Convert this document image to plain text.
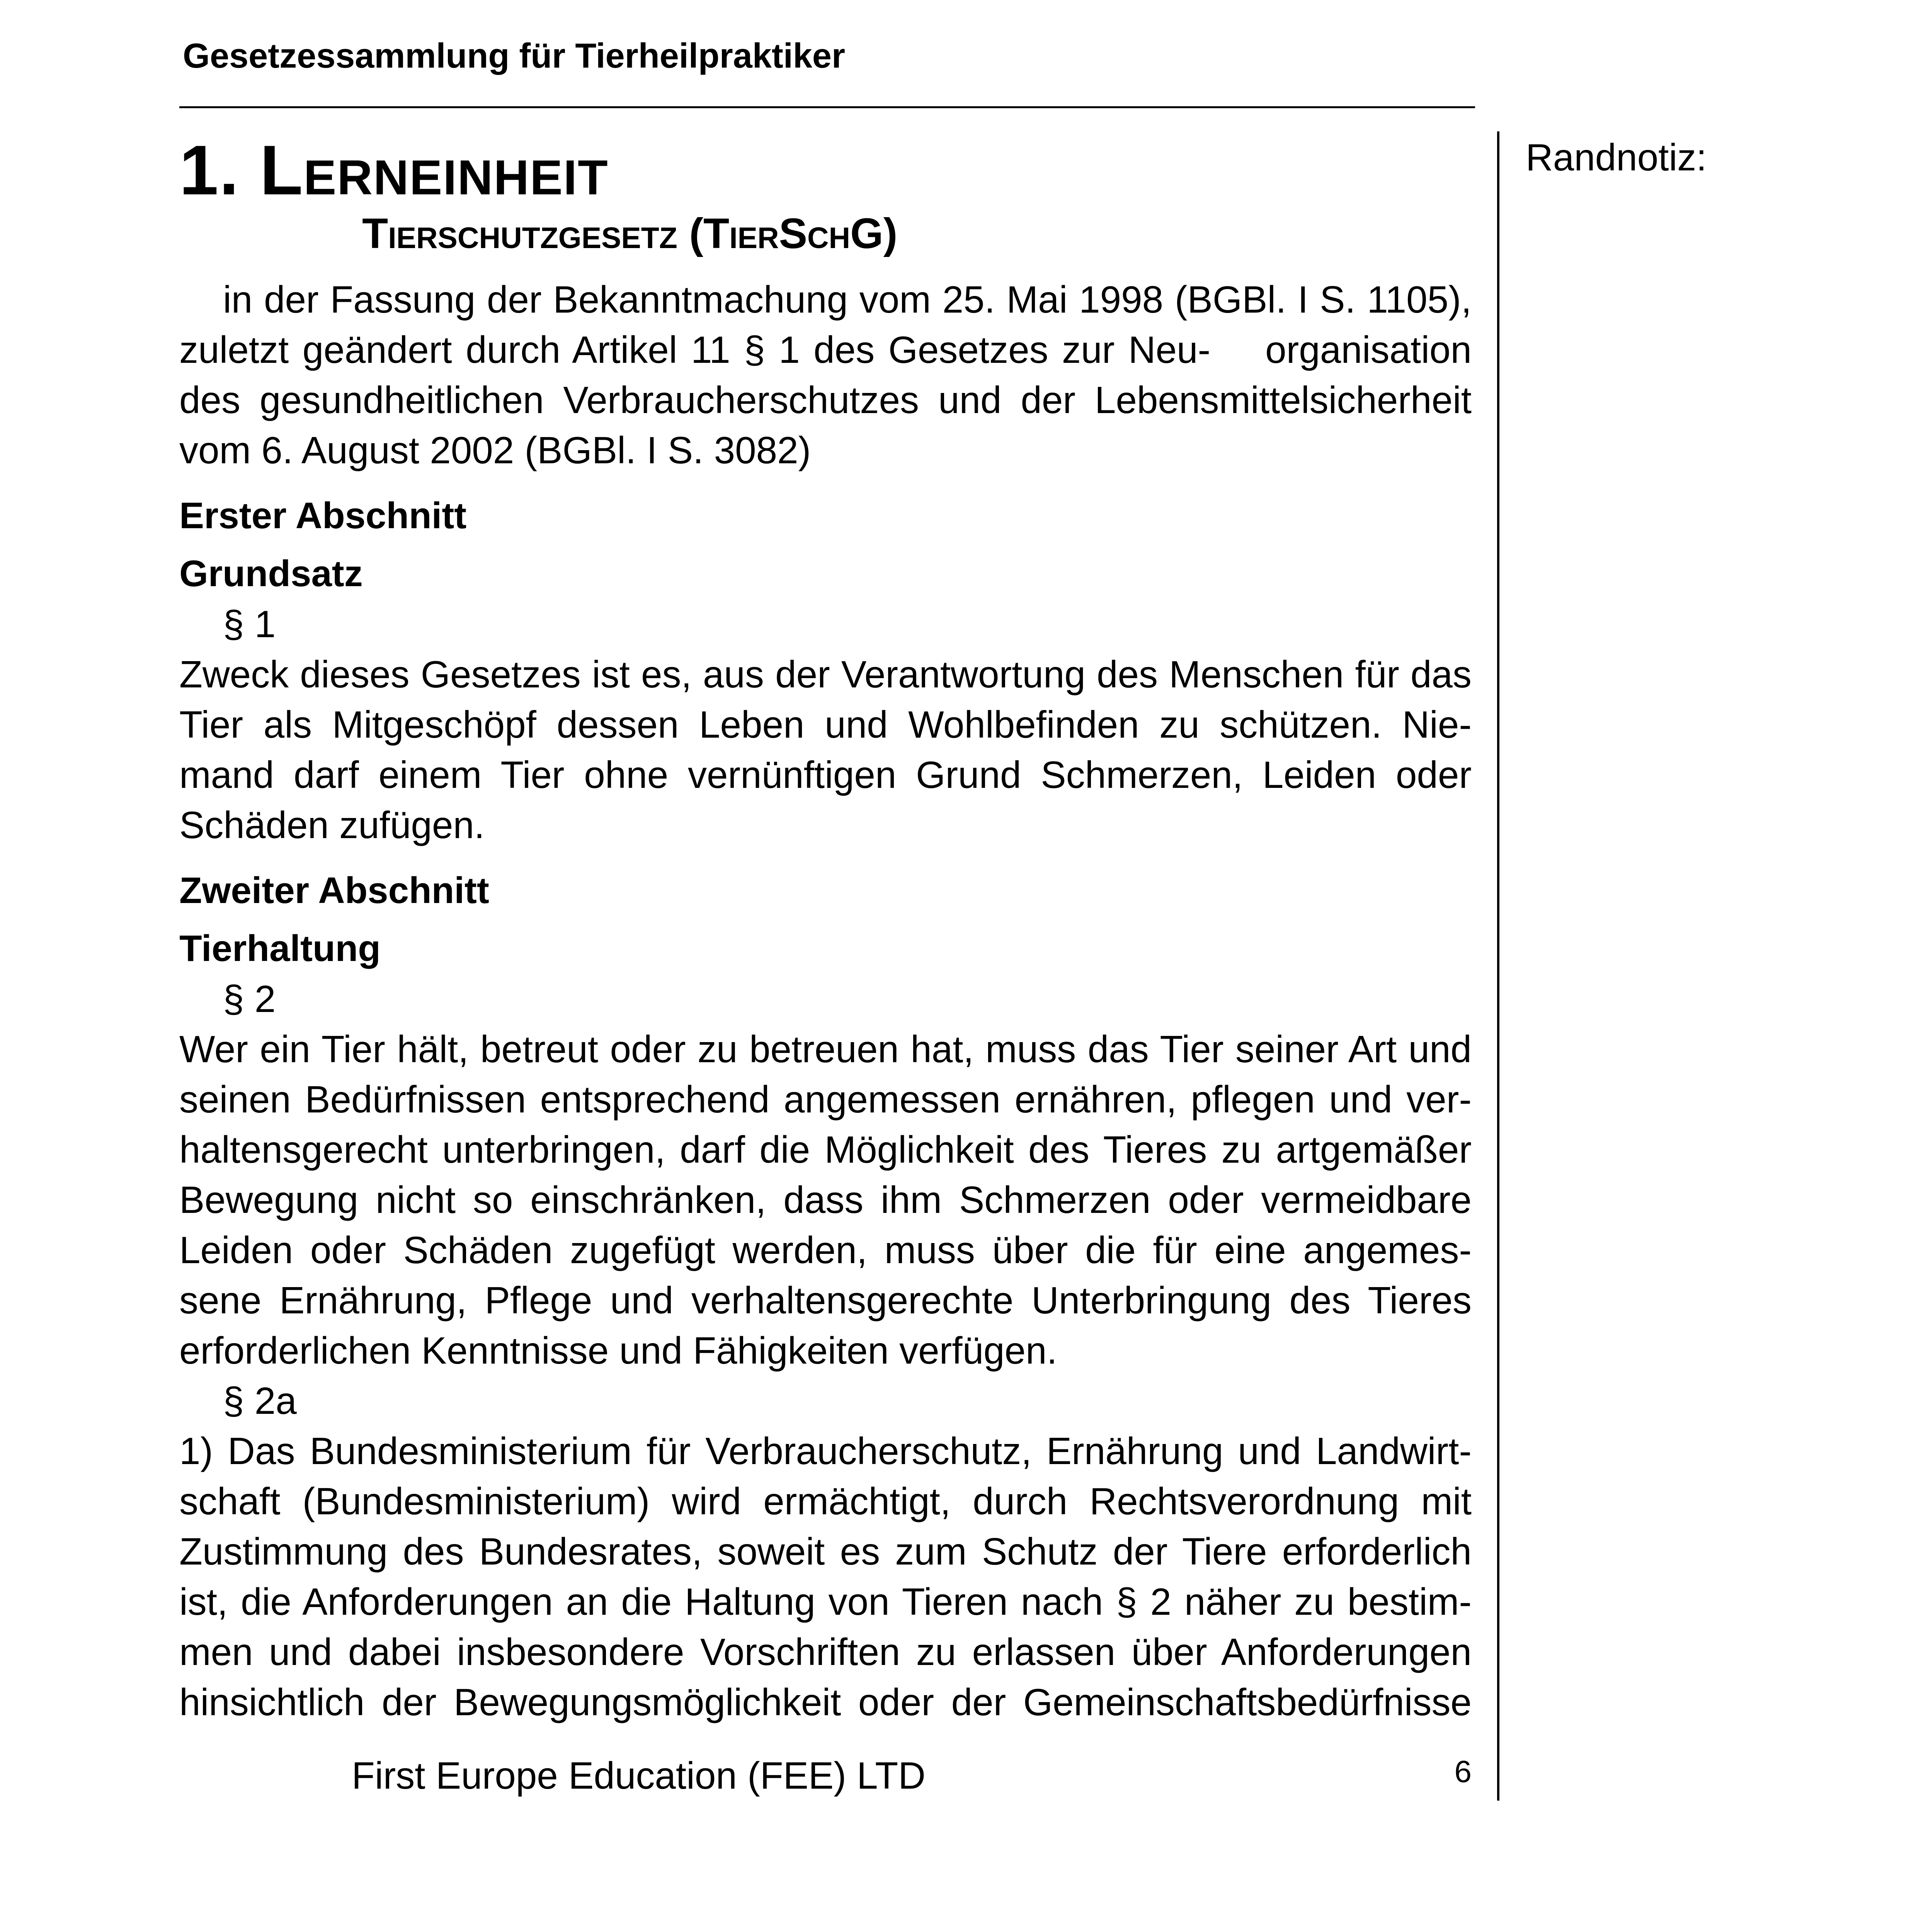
Gesetzessammlung für Tierheilpraktiker
Randnotiz:
1. Lerneinheit
Tierschutzgesetz (TierSchG)
in der Fassung der Bekanntmachung vom 25. Mai 1998 (BGBl. I S. 1105),
zuletzt geändert durch Artikel 11 § 1 des Gesetzes zur Neu-    organisation
des gesundheitlichen Verbraucherschutzes und der Lebensmittelsicherheit
vom 6. August 2002 (BGBl. I S. 3082)
Erster Abschnitt
Grundsatz
§ 1
Zweck dieses Gesetzes ist es, aus der Verantwortung des Menschen für das
Tier als Mitgeschöpf dessen Leben und Wohlbefinden zu schützen. Nie-
mand darf einem Tier ohne vernünftigen Grund Schmerzen, Leiden oder
Schäden zufügen.
Zweiter Abschnitt
Tierhaltung
§ 2
Wer ein Tier hält, betreut oder zu betreuen hat, muss das Tier seiner Art und
seinen Bedürfnissen entsprechend angemessen ernähren, pflegen und ver-
haltensgerecht unterbringen, darf die Möglichkeit des Tieres zu artgemäßer
Bewegung nicht so einschränken, dass ihm Schmerzen oder vermeidbare
Leiden oder Schäden zugefügt werden, muss über die für eine angemes-
sene Ernährung, Pflege und verhaltensgerechte Unterbringung des Tieres
erforderlichen Kenntnisse und Fähigkeiten verfügen.
§ 2a
1) Das Bundesministerium für Verbraucherschutz, Ernährung und Landwirt-
schaft (Bundesministerium) wird ermächtigt, durch Rechtsverordnung mit
Zustimmung des Bundesrates, soweit es zum Schutz der Tiere erforderlich
ist, die Anforderungen an die Haltung von Tieren nach § 2 näher zu bestim-
men und dabei insbesondere Vorschriften zu erlassen über Anforderungen
hinsichtlich der Bewegungsmöglichkeit oder der Gemeinschaftsbedürfnisse
First Europe Education (FEE) LTD	6
